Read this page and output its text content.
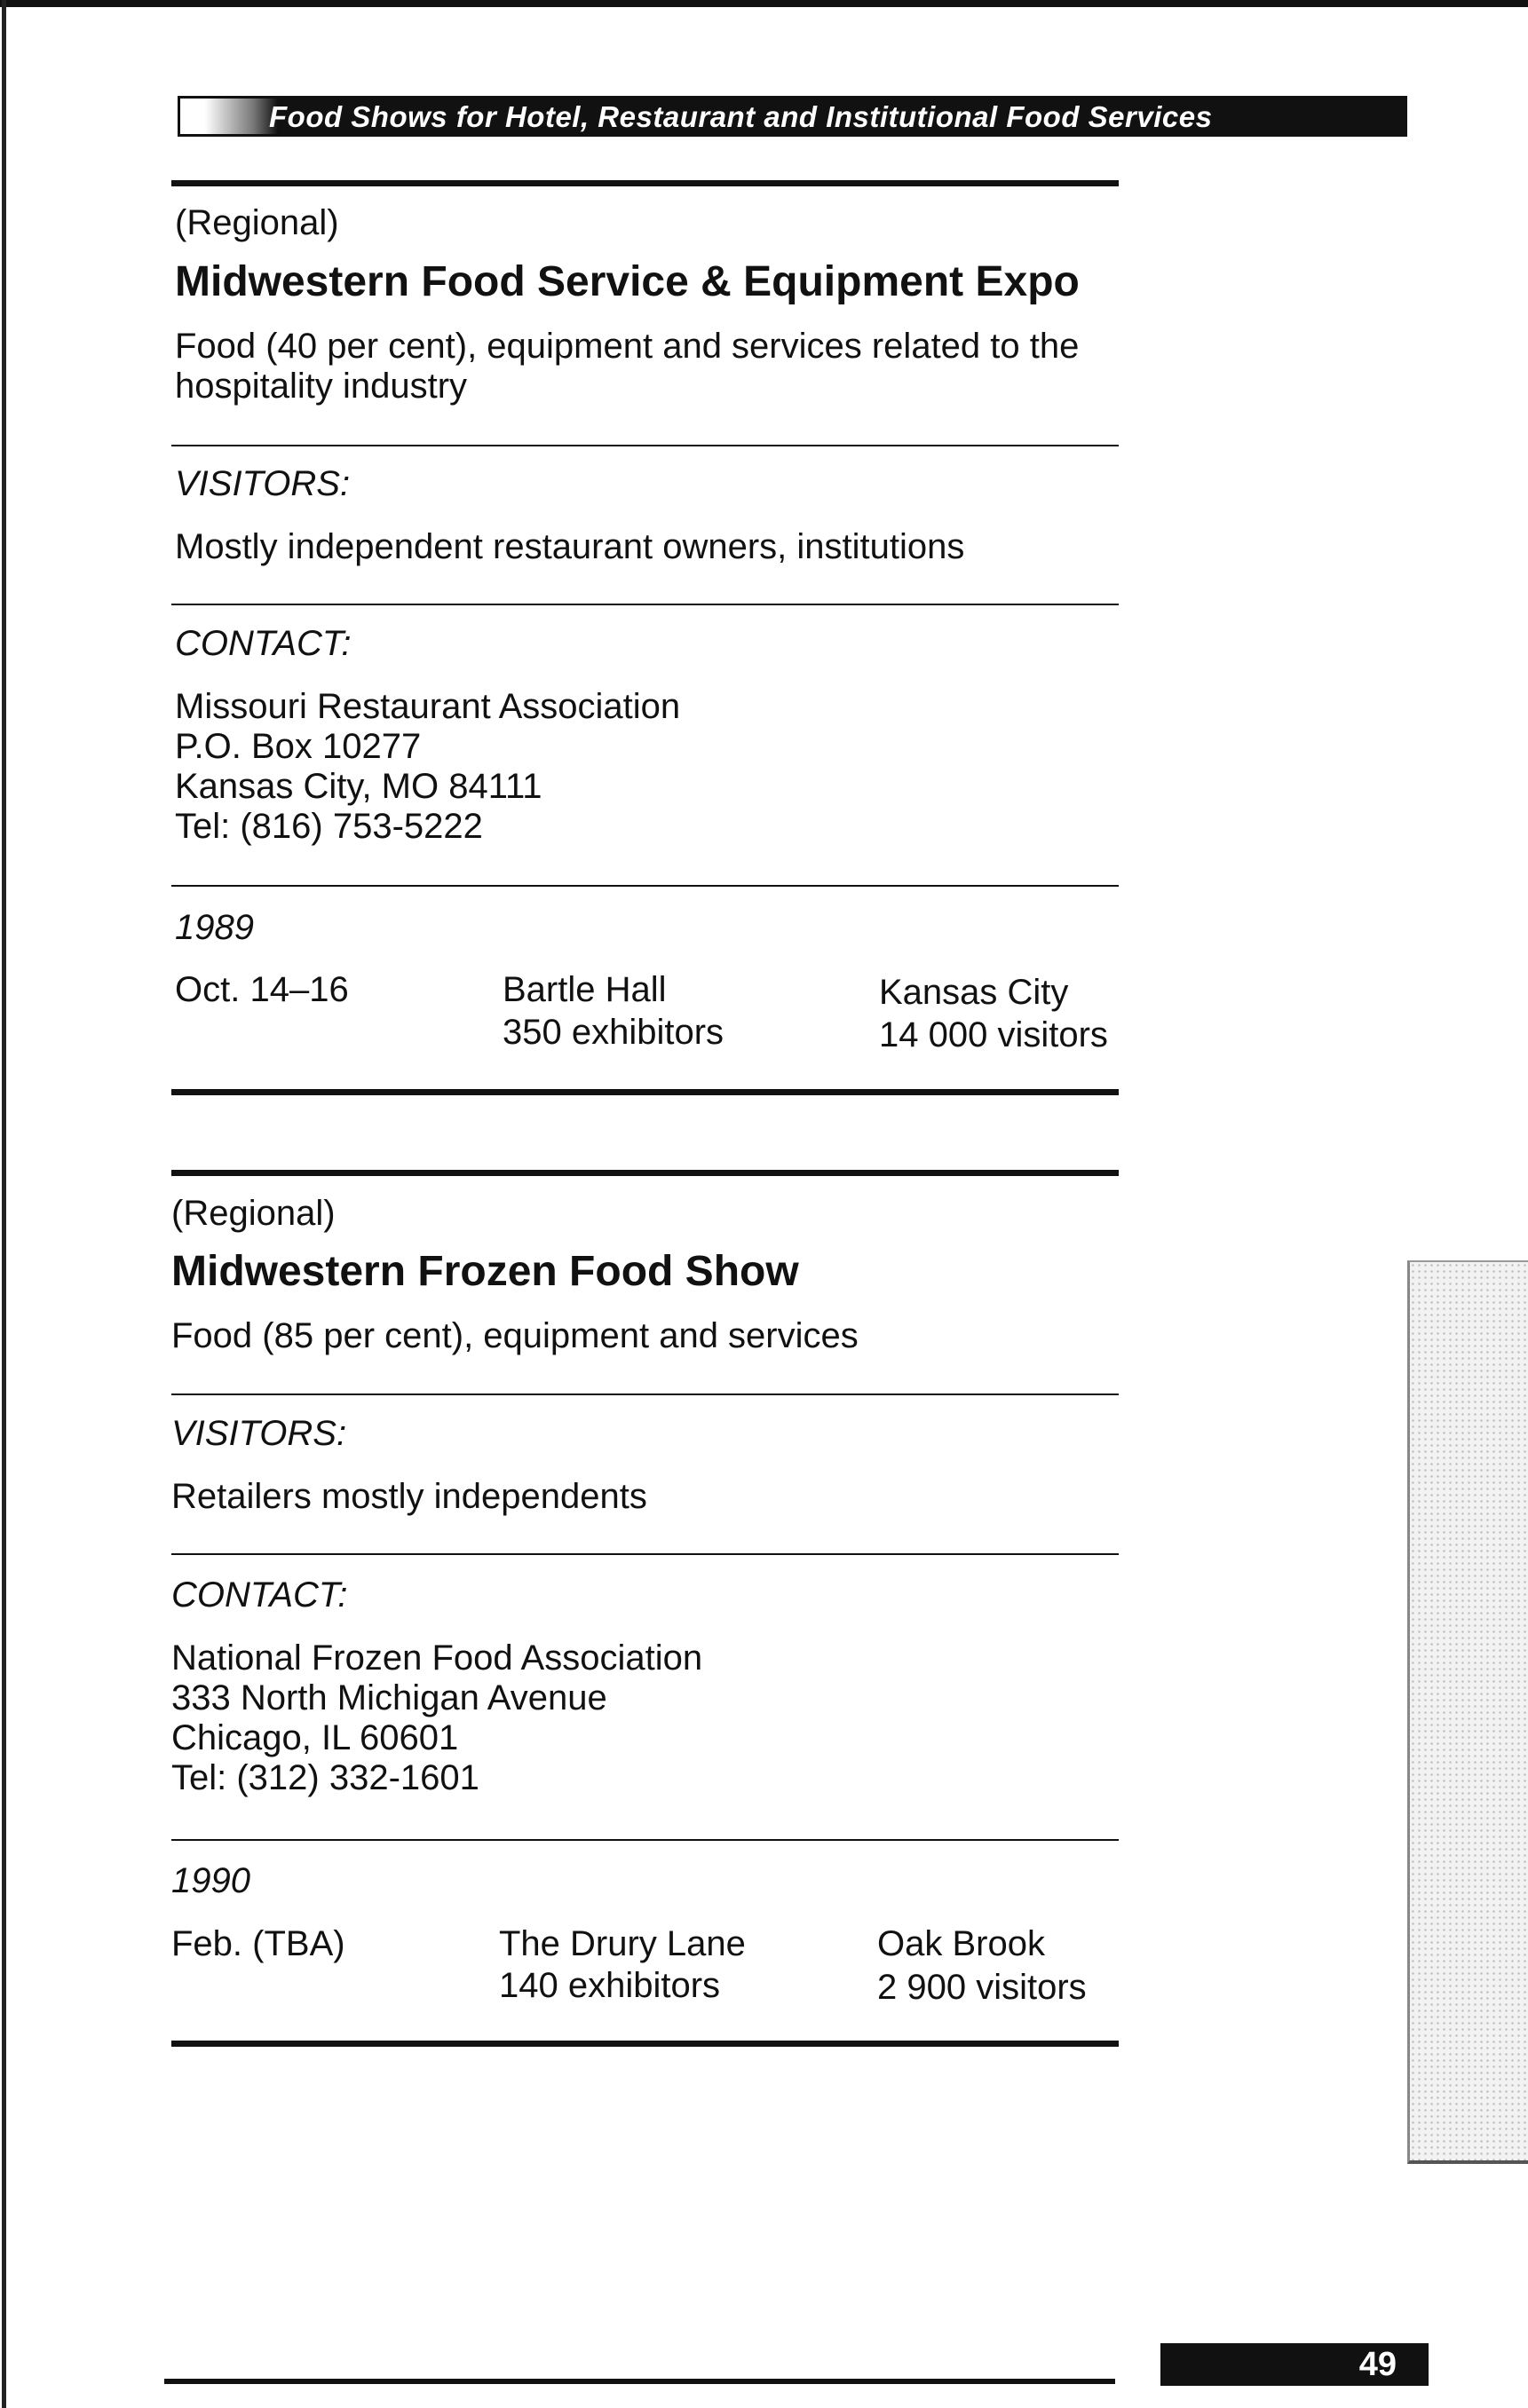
Food Shows for Hotel, Restaurant and Institutional Food Services
(Regional)
Midwestern Food Service & Equipment Expo
Food (40 per cent), equipment and services related to the
hospitality industry
VISITORS:
Mostly independent restaurant owners, institutions
CONTACT:
Missouri Restaurant Association
P.O. Box 10277
Kansas City, MO 84111
Tel: (816) 753-5222
1989
Oct. 14–16	Bartle Hall
350 exhibitors
Kansas City
14 000 visitors
(Regional)
Midwestern Frozen Food Show
Food (85 per cent), equipment and services
VISITORS:
Retailers mostly independents
CONTACT:
National Frozen Food Association
333 North Michigan Avenue
Chicago, IL 60601
Tel: (312) 332-1601
1990
Feb. (TBA)	The Drury Lane
140 exhibitors
Oak Brook
2 900 visitors
49
